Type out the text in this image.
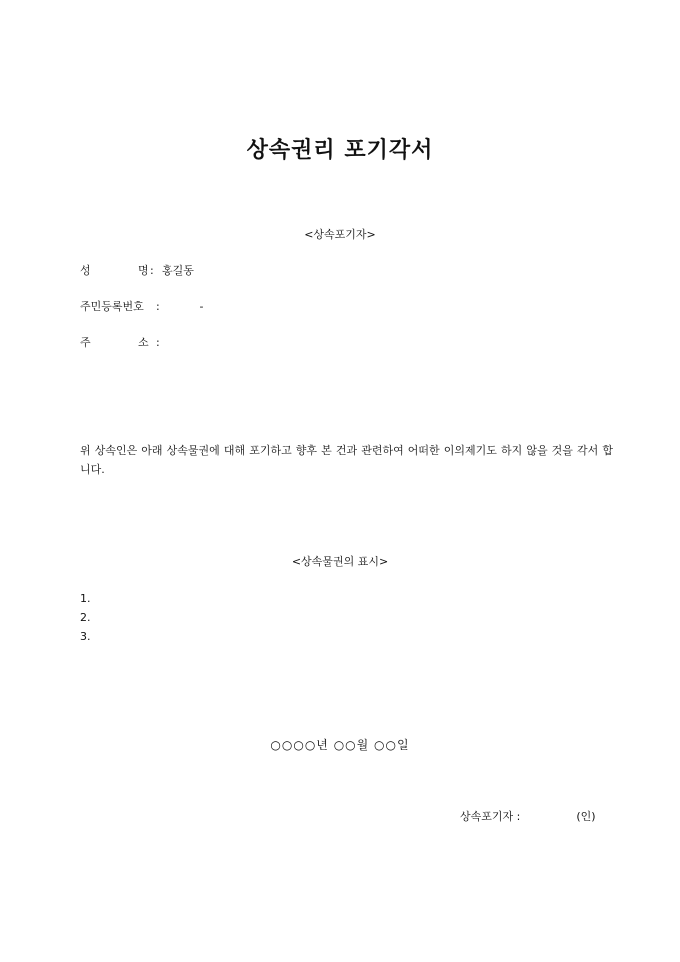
상속권리 포기각서
<상속포기자>
성	명: 홍길동
주민등록번호 :         -
주	소 :
위 상속인은 아래 상속물권에 대해 포기하고 향후 본 건과 관련하여 어떠한 이의제기도 하지 않을 것을 각서 합니다.
<상속물권의 표시>
1.
2.
3.
○○○○년 ○○월 ○○일
상속포기자 :	(인)
